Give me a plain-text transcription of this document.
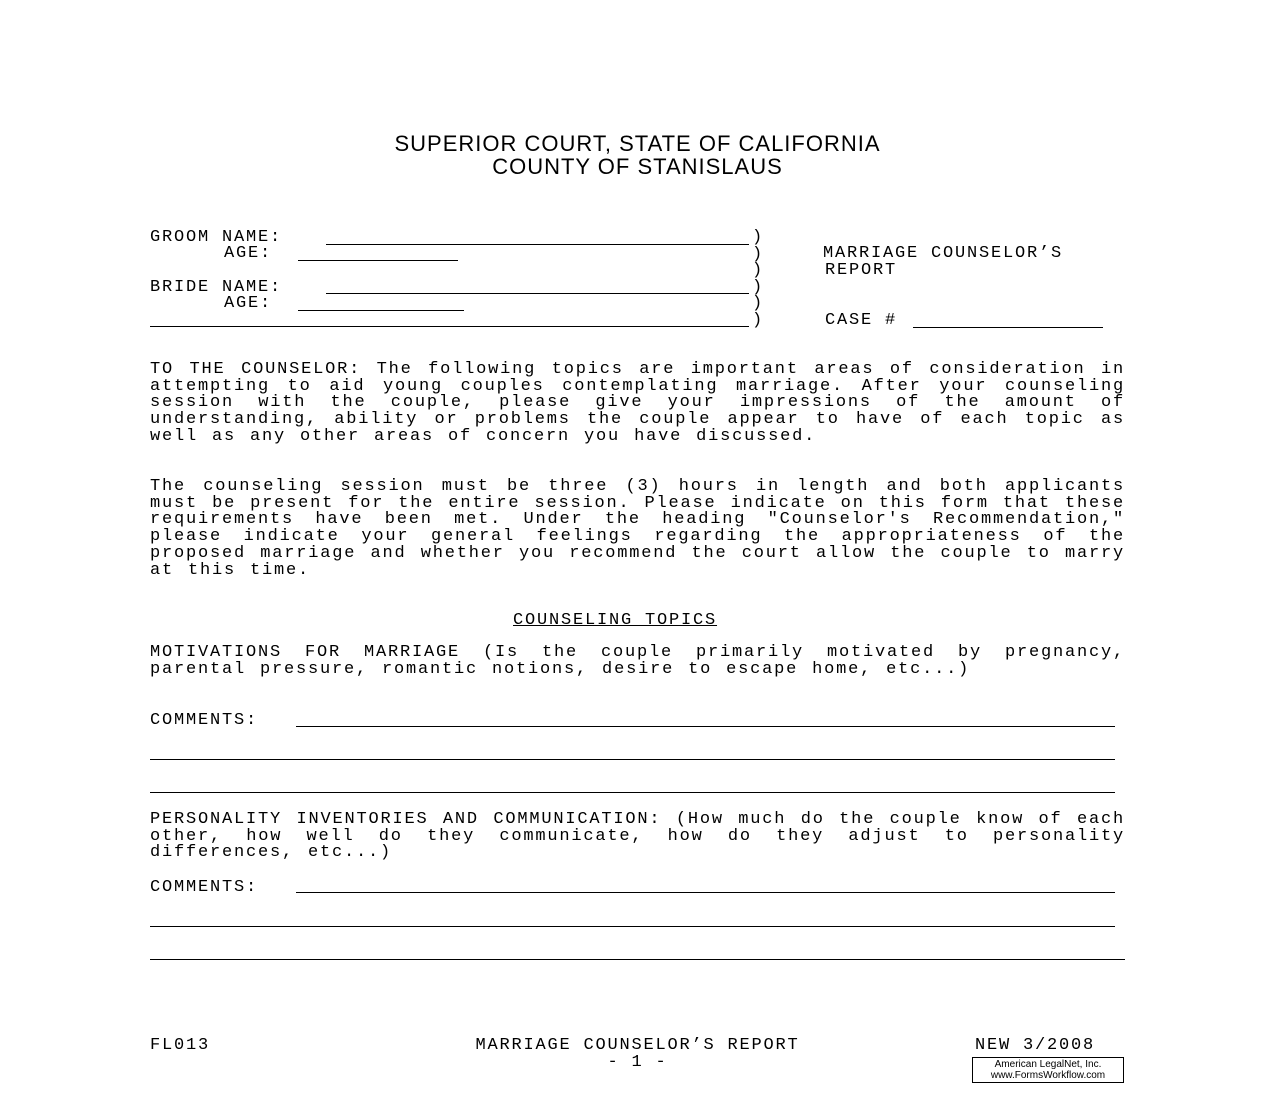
SUPERIOR COURT, STATE OF CALIFORNIA
COUNTY OF STANISLAUS
GROOM NAME:
AGE:
BRIDE NAME:
AGE:
)
)
)
)
)
)
MARRIAGE COUNSELOR’S
REPORT
CASE #
TO THE COUNSELOR: The following topics are important areas of consideration in attempting to aid young couples contemplating marriage. After your counseling session with the couple, please give your impressions of the amount of understanding, ability or problems the couple appear to have of each topic as well as any other areas of concern you have discussed.
The counseling session must be three (3) hours in length and both applicants must be present for the entire session. Please indicate on this form that these requirements have been met. Under the heading "Counselor's Recommendation," please indicate your general feelings regarding the appropriateness of the proposed marriage and whether you recommend the court allow the couple to marry at this time.
COUNSELING TOPICS
MOTIVATIONS FOR MARRIAGE (Is the couple primarily motivated by pregnancy, parental pressure, romantic notions, desire to escape home, etc...)
COMMENTS:
PERSONALITY INVENTORIES AND COMMUNICATION: (How much do the couple know of each other, how well do they communicate, how do they adjust to personality differences, etc...)
COMMENTS:
FL013	MARRIAGE COUNSELOR’S REPORT
- 1 -
NEW 3/2008
American LegalNet, Inc.
www.FormsWorkflow.com
